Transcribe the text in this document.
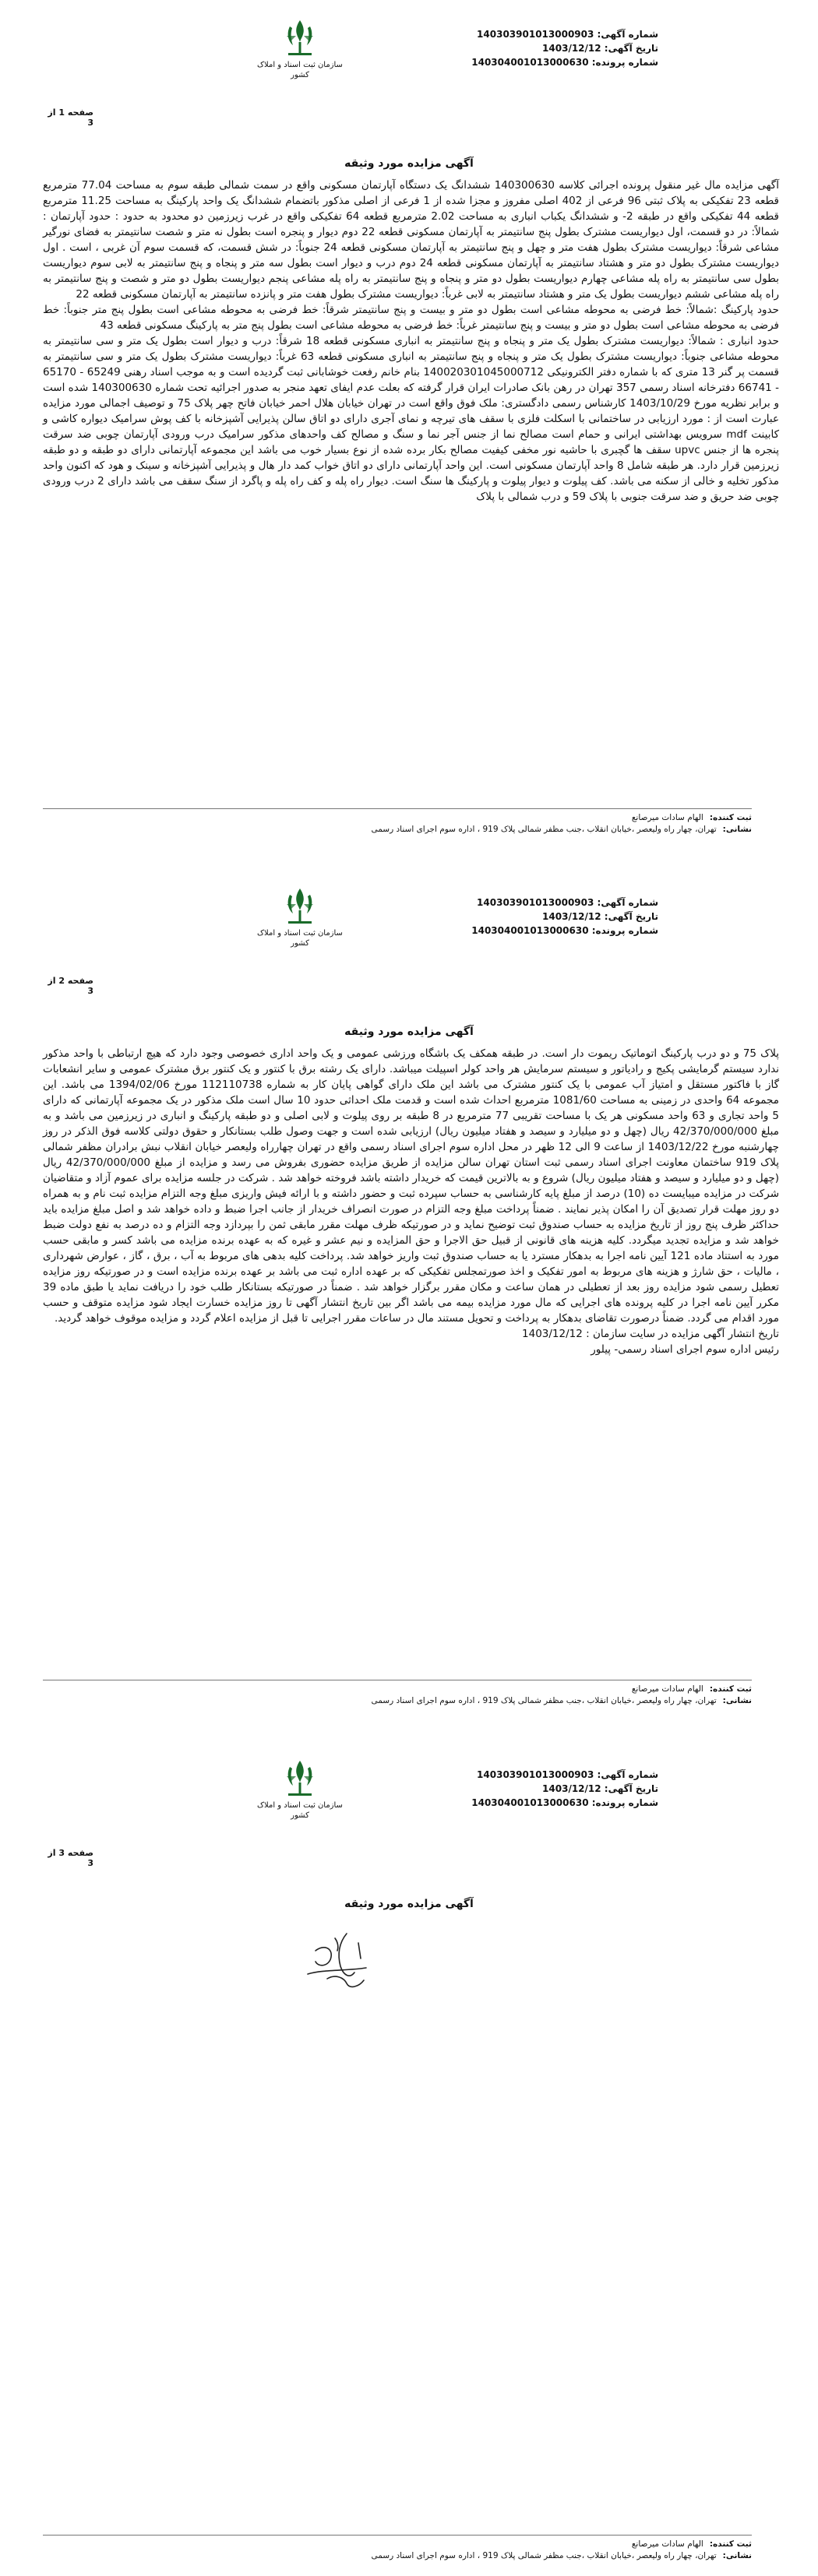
شماره آگهی: 140303901013000903
تاریخ آگهی: 1403/12/12
شماره پرونده: 140304001013000630
سازمان ثبت اسناد و املاک کشور
صفحه 1 از 3
آگهی مزایده مورد وثیقه

آگهی مزایده مال غیر منقول پرونده اجرائی کلاسه 140300630 ششدانگ یک دستگاه آپارتمان مسکونی واقع در سمت شمالی طبقه سوم به مساحت 77.04 مترمربع قطعه 23 تفکیکی به پلاک ثبتی 96 فرعی از 402 اصلی مفروز و مجزا شده از 1 فرعی از اصلی مذکور باتضمام ششدانگ یک واحد پارکینگ به مساحت 11.25 مترمربع قطعه 44 تفکیکی واقع در طبقه 2- و ششدانگ یکباب انباری به مساحت 2.02 مترمربع قطعه 64 تفکیکی واقع در غرب زیرزمین دو محدود به حدود : حدود آپارتمان : شمالاً: در دو قسمت، اول دیواریست مشترک بطول پنج سانتیمتر به آپارتمان مسکونی قطعه 22 دوم دیوار و پنجره است بطول نه متر و شصت سانتیمتر به فضای نورگیر مشاعی شرقاً: دیواریست مشترک بطول هفت متر و چهل و پنج سانتیمتر به آپارتمان مسکونی قطعه 24 جنوباً: در شش قسمت، که قسمت سوم آن غربی ، است . اول دیواریست مشترک بطول دو متر و هشتاد سانتیمتر به آپارتمان مسکونی قطعه 24 دوم درب و دیوار است بطول سه متر و پنجاه و پنج سانتیمتر به لابی سوم دیواریست بطول سی سانتیمتر به راه پله مشاعی چهارم دیواریست بطول دو متر و پنجاه و پنج سانتیمتر به راه پله مشاعی پنجم دیواریست بطول دو متر و شصت و پنج سانتیمتر به راه پله مشاعی ششم دیواریست بطول یک متر و هشتاد سانتیمتر به لابی غرباً: دیواریست مشترک بطول هفت متر و پانزده سانتیمتر به آپارتمان مسکونی قطعه 22

حدود پارکینگ :شمالاً: خط فرضی به محوطه مشاعی است بطول دو متر و بیست و پنج سانتیمتر شرقاً: خط فرضی به محوطه مشاعی است بطول پنج متر جنوباً: خط فرضی به محوطه مشاعی است بطول دو متر و بیست و پنج سانتیمتر غرباً: خط فرضی به محوطه مشاعی است بطول پنج متر به پارکینگ مسکونی قطعه 43

حدود انباری : شمالاً: دیواریست مشترک بطول یک متر و پنجاه و پنج سانتیمتر به انباری مسکونی قطعه 18 شرقاً: درب و دیوار است بطول یک متر و سی سانتیمتر به محوطه مشاعی جنوباً: دیواریست مشترک بطول یک متر و پنجاه و پنج سانتیمتر به انباری مسکونی قطعه 63 غرباً: دیواریست مشترک بطول یک متر و سی سانتیمتر به قسمت پر گنر 13 متری که با شماره دفتر الکترونیکی 140020301045000712 بنام خانم رفعت خوشابانی ثبت گردیده است و به موجب اسناد رهنی 65249 - 65170 - 66741 دفترخانه اسناد رسمی 357 تهران در رهن بانک صادرات ایران قرار گرفته که بعلت عدم ایفای تعهد منجر به صدور اجرائیه تحت شماره 140300630 شده است و برابر نظریه مورخ 1403/10/29 کارشناس رسمی دادگستری: ملک فوق واقع است در تهران خیابان هلال احمر خیابان فاتح چهر پلاک 75 و توصیف اجمالی مورد مزایده عبارت است از : مورد ارزیابی در ساختمانی با اسکلت فلزی با سقف های تیرچه و نمای آجری دارای دو اتاق سالن پذیرایی آشپزخانه با کف پوش سرامیک دیواره کاشی و کابینت mdf سرویس بهداشتی ایرانی و حمام است مصالح نما از جنس آجر نما و سنگ و مصالح کف واحدهای مذکور سرامیک درب ورودی آپارتمان چوبی ضد سرقت پنجره ها از جنس upvc سقف ها گچبری با حاشیه نور مخفی کیفیت مصالح بکار برده شده از نوع بسیار خوب می باشد این مجموعه آپارتمانی دارای دو طبقه و دو طبقه زیرزمین قرار دارد. هر طبقه شامل 8 واحد آپارتمان مسکونی است. این واحد آپارتمانی دارای دو اتاق خواب کمد دار هال و پذیرایی آشپزخانه و سینک و هود که اکنون واحد مذکور تخلیه و خالی از سکنه می باشد. کف پیلوت و دیوار پیلوت و پارکینگ ها سنگ است. دیوار راه پله و کف راه پله و پاگرد از سنگ سقف می باشد دارای 2 درب ورودی چوبی ضد حریق و ضد سرقت جنوبی با پلاک 59 و درب شمالی با پلاک

ثبت کننده:الهام سادات میرصانع
نشانی:تهران، چهار راه ولیعصر ،خیابان انقلاب ،جنب مظفر شمالی پلاک 919 ، اداره سوم اجرای اسناد رسمی
شماره آگهی: 140303901013000903
تاریخ آگهی: 1403/12/12
شماره پرونده: 140304001013000630
سازمان ثبت اسناد و املاک کشور
صفحه 2 از 3
آگهی مزایده مورد وثیقه

پلاک 75 و دو درب پارکینگ اتوماتیک ریموت دار است. در طبقه همکف یک باشگاه ورزشی عمومی و یک واحد اداری خصوصی وجود دارد که هیچ ارتباطی با واحد مذکور ندارد سیستم گرمایشی پکیج و رادیاتور و سیستم سرمایش هر واحد کولر اسپیلت میباشد. دارای یک رشته برق با کنتور و یک کنتور برق مشترک عمومی و سایر انشعابات گاز با فاکتور مستقل و امتیاز آب عمومی با یک کنتور مشترک می باشد این ملک دارای گواهی پایان کار به شماره 112110738 مورخ 1394/02/06 می باشد. این مجموعه 64 واحدی در زمینی به مساحت 1081/60 مترمربع احداث شده است و قدمت ملک احداثی حدود 10 سال است ملک مذکور در یک مجموعه آپارتمانی که دارای 5 واحد تجاری و 63 واحد مسکونی هر یک با مساحت تقریبی 77 مترمربع در 8 طبقه بر روی پیلوت و لابی اصلی و دو طبقه پارکینگ و انباری در زیرزمین می باشد و به مبلغ 42/370/000/000 ریال (چهل و دو میلیارد و سیصد و هفتاد میلیون ریال) ارزیابی شده است و جهت وصول طلب بستانکار و حقوق دولتی کلاسه فوق الذکر در روز چهارشنبه مورخ 1403/12/22 از ساعت 9 الی 12 ظهر در محل اداره سوم اجرای اسناد رسمی واقع در تهران چهارراه ولیعصر خیابان انقلاب نبش برادران مظفر شمالی پلاک 919 ساختمان معاونت اجرای اسناد رسمی ثبت استان تهران سالن مزایده از طریق مزایده حضوری بفروش می رسد و مزایده از مبلغ 42/370/000/000 ریال (چهل و دو میلیارد و سیصد و هفتاد میلیون ریال) شروع و به بالاترین قیمت که خریدار داشته باشد فروخته خواهد شد . شرکت در جلسه مزایده برای عموم آزاد و متقاضیان شرکت در مزایده میبایست ده (10) درصد از مبلغ پایه کارشناسی به حساب سپرده ثبت و حضور داشته و با ارائه فیش واریزی مبلغ وجه التزام مزایده ثبت نام و به همراه دو روز مهلت قرار تصدیق آن را امکان پذیر نمایند . ضمناً پرداخت مبلغ وجه التزام در صورت انصراف خریدار از جانب اجرا ضبط و داده خواهد شد و اصل مبلغ مزایده باید حداکثر ظرف پنج روز از تاریخ مزایده به حساب صندوق ثبت توضیح نماید و در صورتیکه ظرف مهلت مقرر مابقی ثمن را بپردازد وجه التزام و ده درصد به نفع دولت ضبط خواهد شد و مزایده تجدید میگردد. کلیه هزینه های قانونی از قبیل حق الاجرا و حق المزایده و نیم عشر و غیره که به عهده برنده مزایده می باشد کسر و مابقی حسب مورد به استناد ماده 121 آیین نامه اجرا به بدهکار مسترد یا به حساب صندوق ثبت واریز خواهد شد. پرداخت کلیه بدهی های مربوط به آب ، برق ، گاز ، عوارض شهرداری ، مالیات ، حق شارژ و هزینه های مربوط به امور تفکیک و اخذ صورتمجلس تفکیکی که بر عهده اداره ثبت می باشد بر عهده برنده مزایده است و در صورتیکه روز مزایده تعطیل رسمی شود مزایده روز بعد از تعطیلی در همان ساعت و مکان مقرر برگزار خواهد شد . ضمناً در صورتیکه بستانکار طلب خود را دریافت نماید یا طبق ماده 39 مکرر آیین نامه اجرا در کلیه پرونده های اجرایی که مال مورد مزایده بیمه می باشد اگر بین تاریخ انتشار آگهی تا روز مزایده خسارت ایجاد شود مزایده متوقف و حسب مورد اقدام می گردد. ضمناً درصورت تقاضای بدهکار به پرداخت و تحویل مستند مال در ساعات مقرر اجرایی تا قبل از مزایده اعلام گردد و مزایده موقوف خواهد گردید.

تاریخ انتشار آگهی مزایده در سایت سازمان : 1403/12/12

رئیس اداره سوم اجرای اسناد رسمی- پیلور

ثبت کننده:الهام سادات میرصانع
نشانی:تهران، چهار راه ولیعصر ،خیابان انقلاب ،جنب مظفر شمالی پلاک 919 ، اداره سوم اجرای اسناد رسمی
شماره آگهی: 140303901013000903
تاریخ آگهی: 1403/12/12
شماره پرونده: 140304001013000630
سازمان ثبت اسناد و املاک کشور
صفحه 3 از 3
آگهی مزایده مورد وثیقه
ثبت کننده:الهام سادات میرصانع
نشانی:تهران، چهار راه ولیعصر ،خیابان انقلاب ،جنب مظفر شمالی پلاک 919 ، اداره سوم اجرای اسناد رسمی
